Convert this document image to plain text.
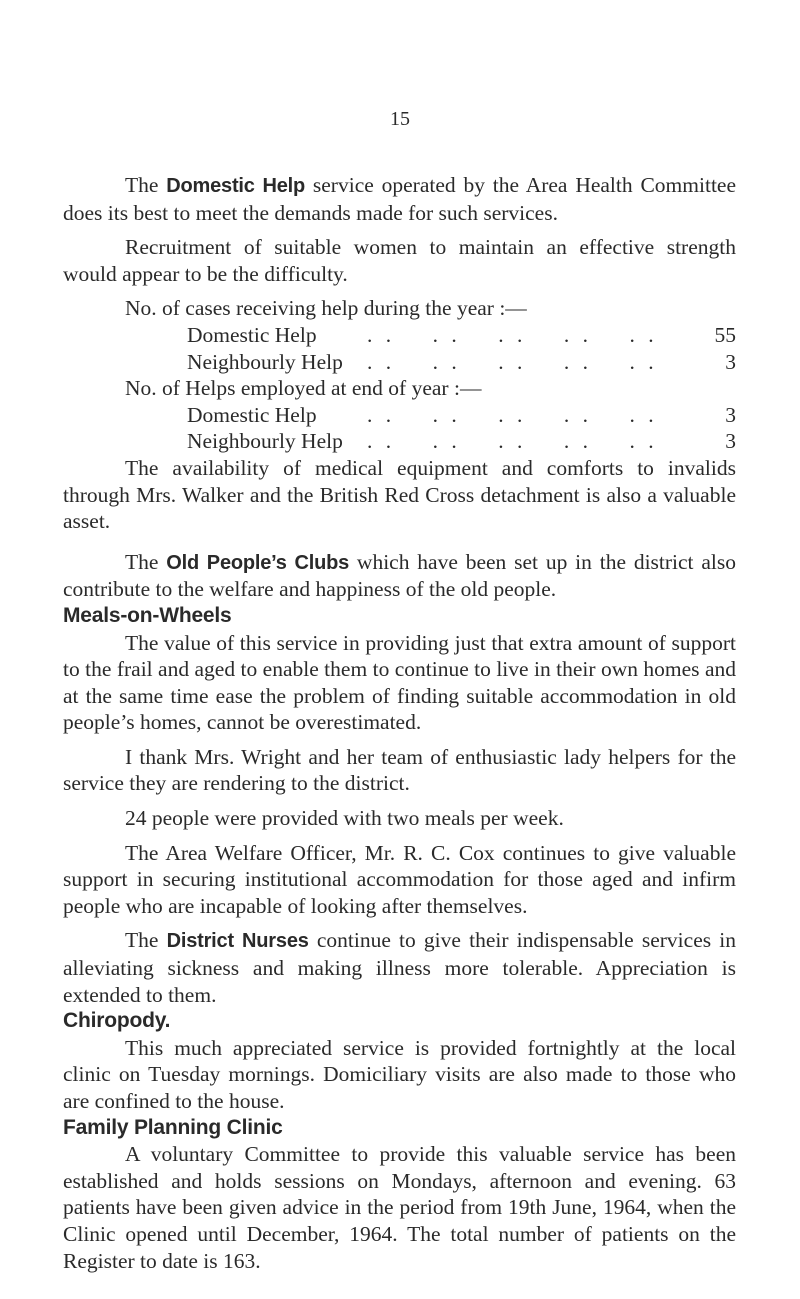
15

The Domestic Help service operated by the Area Health Committee does its best to meet the demands made for such services.

Recruitment of suitable women to maintain an effective strength would appear to be the difficulty.

No. of cases receiving help during the year :—
Domestic Help	. .    . .    . .    . .    . .	55
Neighbourly Help	. .    . .    . .    . .    . .	3
No. of Helps employed at end of year :—
Domestic Help	. .    . .    . .    . .    . .	3
Neighbourly Help	. .    . .    . .    . .    . .	3

The availability of medical equipment and comforts to invalids through Mrs. Walker and the British Red Cross detachment is also a valuable asset.

The Old People’s Clubs which have been set up in the district also contribute to the welfare and happiness of the old people.

Meals-on-Wheels

The value of this service in providing just that extra amount of support to the frail and aged to enable them to continue to live in their own homes and at the same time ease the problem of finding suitable accommodation in old people’s homes, cannot be overestimated.

I thank Mrs. Wright and her team of enthusiastic lady helpers for the service they are rendering to the district.

24 people were provided with two meals per week.

The Area Welfare Officer, Mr. R. C. Cox continues to give valuable support in securing institutional accommodation for those aged and infirm people who are incapable of looking after themselves.

The District Nurses continue to give their indispensable services in alleviating sickness and making illness more tolerable. Appreciation is extended to them.

Chiropody.

This much appreciated service is provided fortnightly at the local clinic on Tuesday mornings. Domiciliary visits are also made to those who are confined to the house.

Family Planning Clinic

A voluntary Committee to provide this valuable service has been established and holds sessions on Mondays, afternoon and evening. 63 patients have been given advice in the period from 19th June, 1964, when the Clinic opened until December, 1964. The total number of patients on the Register to date is 163.
